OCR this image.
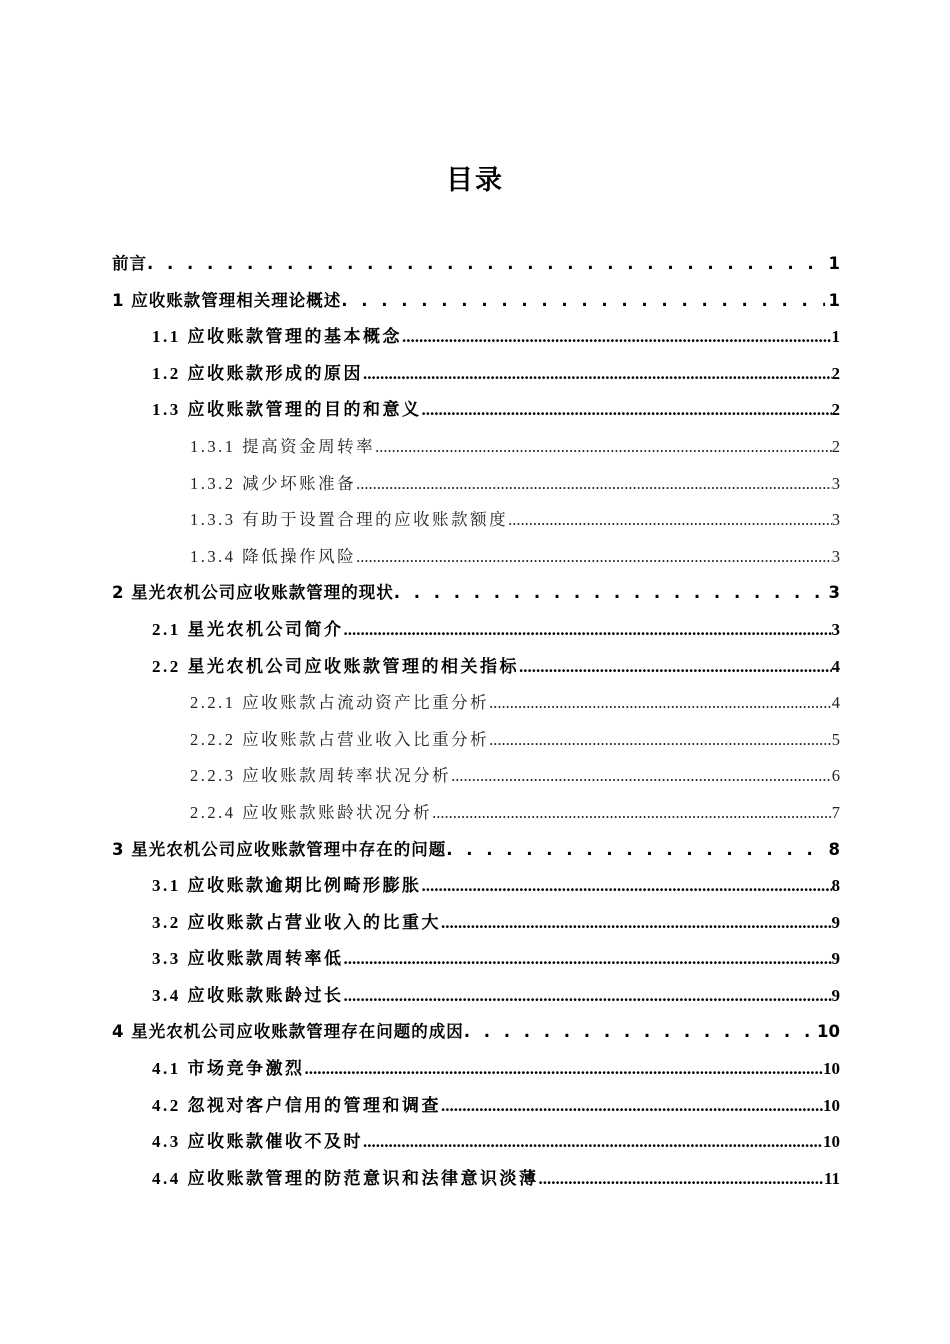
目录
前言 . . .	1
1 应收账款管理相关理论概述 . . .	1
1.1 应收账款管理的基本概念 .....	1
1.2 应收账款形成的原因 .....	2
1.3 应收账款管理的目的和意义 .....	2
1.3.1 提高资金周转率 .....	2
1.3.2 减少坏账准备 .....	3
1.3.3 有助于设置合理的应收账款额度 .....	3
1.3.4 降低操作风险 .....	3
2 星光农机公司应收账款管理的现状 . . .	3
2.1 星光农机公司简介 .....	3
2.2 星光农机公司应收账款管理的相关指标 .....	4
2.2.1 应收账款占流动资产比重分析 .....	4
2.2.2 应收账款占营业收入比重分析 .....	5
2.2.3 应收账款周转率状况分析 .....	6
2.2.4 应收账款账龄状况分析 .....	7
3 星光农机公司应收账款管理中存在的问题 . . .	8
3.1 应收账款逾期比例畸形膨胀 .....	8
3.2 应收账款占营业收入的比重大 .....	9
3.3 应收账款周转率低 .....	9
3.4 应收账款账龄过长 .....	9
4 星光农机公司应收账款管理存在问题的成因 . . .	10
4.1 市场竞争激烈 .....	10
4.2 忽视对客户信用的管理和调查 .....	10
4.3 应收账款催收不及时 .....	10
4.4 应收账款管理的防范意识和法律意识淡薄 .....	11
